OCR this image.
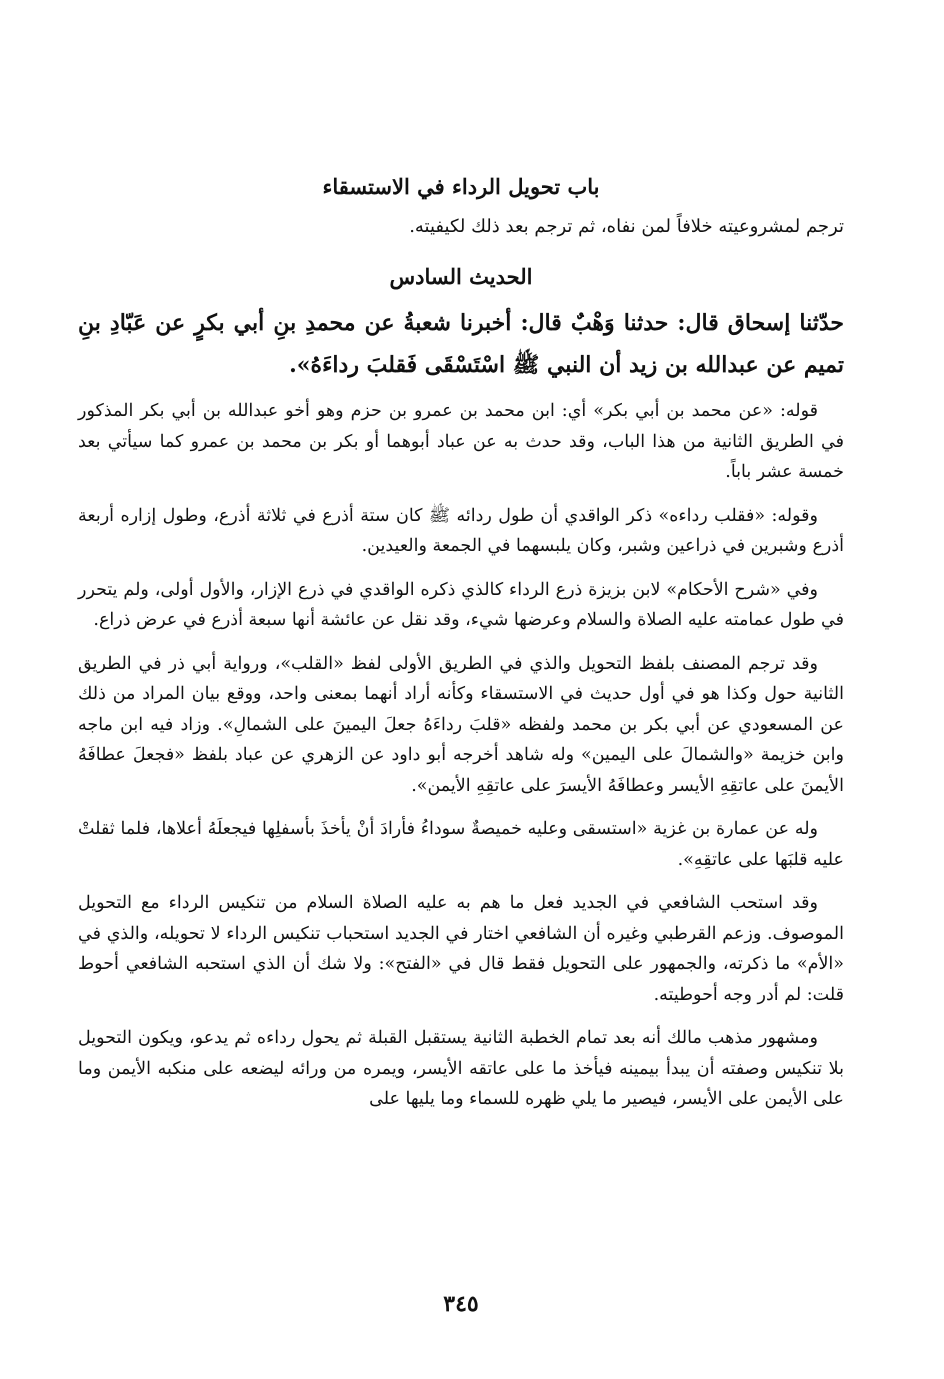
باب تحويل الرداء في الاستسقاء
ترجم لمشروعيته خلافاً لمن نفاه، ثم ترجم بعد ذلك لكيفيته.
الحديث السادس
حدّثنا إسحاق قال: حدثنا وَهْبٌ قال: أخبرنا شعبةُ عن محمدِ بنِ أبي بكرٍ عن عَبّادِ بنِ تميم عن عبدالله بن زيد أن النبي ﷺ اسْتَسْقَى فَقلبَ رداءَهُ».

قوله: «عن محمد بن أبي بكر» أي: ابن محمد بن عمرو بن حزم وهو أخو عبدالله بن أبي بكر المذكور في الطريق الثانية من هذا الباب، وقد حدث به عن عباد أبوهما أو بكر بن محمد بن عمرو كما سيأتي بعد خمسة عشر باباً.

وقوله: «فقلب رداءه» ذكر الواقدي أن طول ردائه ﷺ كان ستة أذرع في ثلاثة أذرع، وطول إزاره أربعة أذرع وشبرين في ذراعين وشبر، وكان يلبسهما في الجمعة والعيدين.

وفي «شرح الأحكام» لابن بزيزة ذرع الرداء كالذي ذكره الواقدي في ذرع الإزار، والأول أولى، ولم يتحرر في طول عمامته عليه الصلاة والسلام وعرضها شيء، وقد نقل عن عائشة أنها سبعة أذرع في عرض ذراع.

وقد ترجم المصنف بلفظ التحويل والذي في الطريق الأولى لفظ «القلب»، ورواية أبي ذر في الطريق الثانية حول وكذا هو في أول حديث في الاستسقاء وكأنه أراد أنهما بمعنى واحد، ووقع بيان المراد من ذلك عن المسعودي عن أبي بكر بن محمد ولفظه «قلبَ رداءَهُ جعلَ اليمينَ على الشمالِ». وزاد فيه ابن ماجه وابن خزيمة «والشمالَ على اليمين» وله شاهد أخرجه أبو داود عن الزهري عن عباد بلفظ «فجعلَ عطافَهُ الأيمنَ على عاتقِهِ الأيسر وعطافَهُ الأيسرَ على عاتقِهِ الأيمن».

وله عن عمارة بن غزية «استسقى وعليه خميصةٌ سوداءُ فأرادَ أنْ يأخذَ بأسفلِها فيجعلَهُ أعلاها، فلما ثقلتْ عليه قلبَها على عاتقِهِ».

وقد استحب الشافعي في الجديد فعل ما هم به عليه الصلاة السلام من تنكيس الرداء مع التحويل الموصوف. وزعم القرطبي وغيره أن الشافعي اختار في الجديد استحباب تنكيس الرداء لا تحويله، والذي في «الأم» ما ذكرته، والجمهور على التحويل فقط قال في «الفتح»: ولا شك أن الذي استحبه الشافعي أحوط قلت: لم أدر وجه أحوطيته.

ومشهور مذهب مالك أنه بعد تمام الخطبة الثانية يستقبل القبلة ثم يحول رداءه ثم يدعو، ويكون التحويل بلا تنكيس وصفته أن يبدأ بيمينه فيأخذ ما على عاتقه الأيسر، ويمره من ورائه ليضعه على منكبه الأيمن وما على الأيمن على الأيسر، فيصير ما يلي ظهره للسماء وما يليها على

٣٤٥
